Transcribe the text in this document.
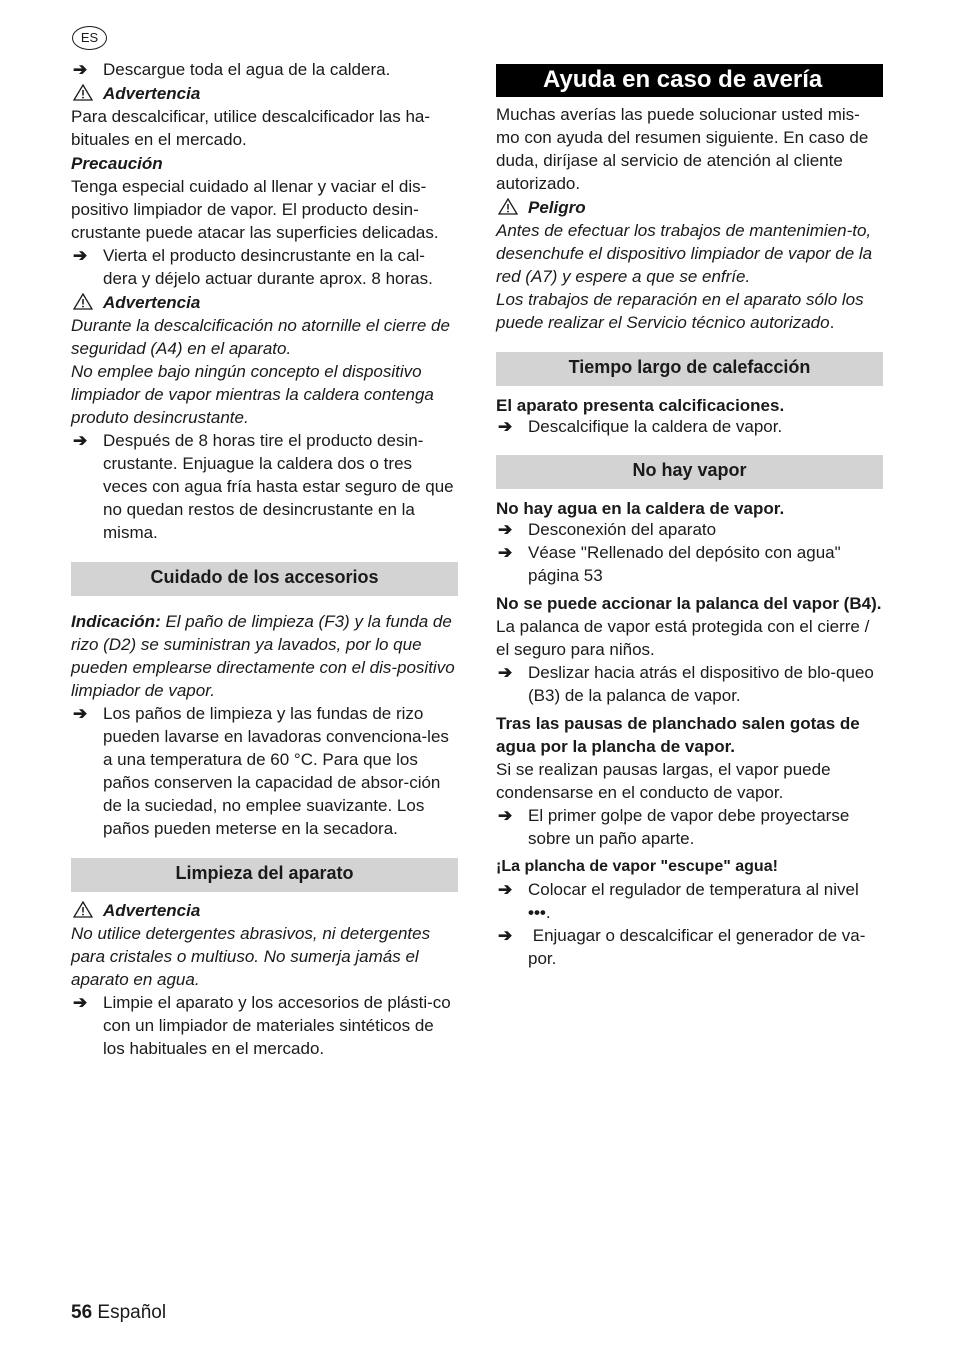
ES

➔ Descargue toda el agua de la caldera.

Advertencia

Para descalcificar, utilice descalcificador las ha-bituales en el mercado.

Precaución

Tenga especial cuidado al llenar y vaciar el dis-positivo limpiador de vapor. El producto desin-crustante puede atacar las superficies delicadas.

➔ Vierta el producto desincrustante en la cal-dera y déjelo actuar durante aprox. 8 horas.

Advertencia

Durante la descalcificación no atornille el cierre de seguridad (A4) en el aparato.

No emplee bajo ningún concepto el dispositivo limpiador de vapor mientras la caldera contenga produto desincrustante.

➔ Después de 8 horas tire el producto desin-crustante. Enjuague la caldera dos o tres veces con agua fría hasta estar seguro de que no quedan restos de desincrustante en la misma.

Cuidado de los accesorios

Indicación: El paño de limpieza (F3) y la funda de rizo (D2) se suministran ya lavados, por lo que pueden emplearse directamente con el dis-positivo limpiador de vapor.

➔ Los paños de limpieza y las fundas de rizo pueden lavarse en lavadoras convenciona-les a una temperatura de 60 °C. Para que los paños conserven la capacidad de absor-ción de la suciedad, no emplee suavizante. Los paños pueden meterse en la secadora.

Limpieza del aparato

Advertencia

No utilice detergentes abrasivos, ni detergentes para cristales o multiuso. No sumerja jamás el aparato en agua.

➔ Limpie el aparato y los accesorios de plásti-co con un limpiador de materiales sintéticos de los habituales en el mercado.

Ayuda en caso de avería

Muchas averías las puede solucionar usted mis-mo con ayuda del resumen siguiente. En caso de duda, diríjase al servicio de atención al cliente autorizado.

Peligro

Antes de efectuar los trabajos de mantenimien-to, desenchufe el dispositivo limpiador de vapor de la red (A7) y espere a que se enfríe.

Los trabajos de reparación en el aparato sólo los puede realizar el Servicio técnico autorizado.

Tiempo largo de calefacción

El aparato presenta calcificaciones.

➔ Descalcifique la caldera de vapor.

No hay vapor

No hay agua en la caldera de vapor.

➔ Desconexión del aparato

➔ Véase "Rellenado del depósito con agua" página 53

No se puede accionar la palanca del vapor (B4).

La palanca de vapor está protegida con el cierre / el seguro para niños.

➔ Deslizar hacia atrás el dispositivo de blo-queo (B3) de la palanca de vapor.

Tras las pausas de planchado salen gotas de agua por la plancha de vapor.

Si se realizan pausas largas, el vapor puede condensarse en el conducto de vapor.

➔ El primer golpe de vapor debe proyectarse sobre un paño aparte.

¡La plancha de vapor "escupe" agua!

➔ Colocar el regulador de temperatura al nivel
•••.

➔ Enjuagar o descalcificar el generador de va-por.

56 Español
